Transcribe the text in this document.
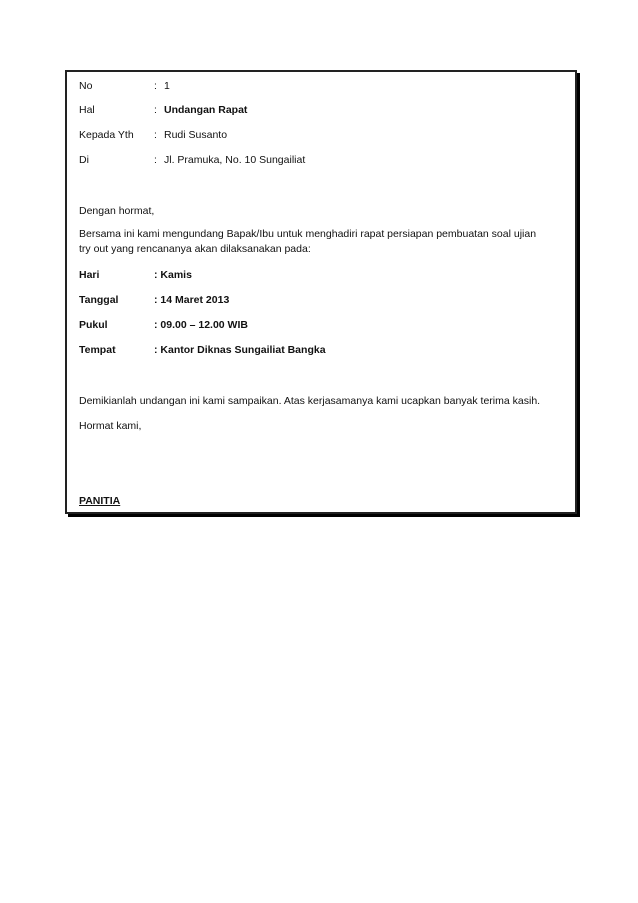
No	: 1
Hal	: Undangan Rapat
Kepada Yth	: Rudi Susanto
Di	: Jl. Pramuka, No. 10 Sungailiat
Dengan hormat,
Bersama ini kami mengundang Bapak/Ibu untuk menghadiri rapat persiapan pembuatan soal ujian try out yang rencananya akan dilaksanakan pada:
Hari	: Kamis
Tanggal	: 14 Maret 2013
Pukul	: 09.00 – 12.00 WIB
Tempat	: Kantor Diknas Sungailiat Bangka
Demikianlah undangan ini kami sampaikan. Atas kerjasamanya kami ucapkan banyak terima kasih.
Hormat kami,
PANITIA
